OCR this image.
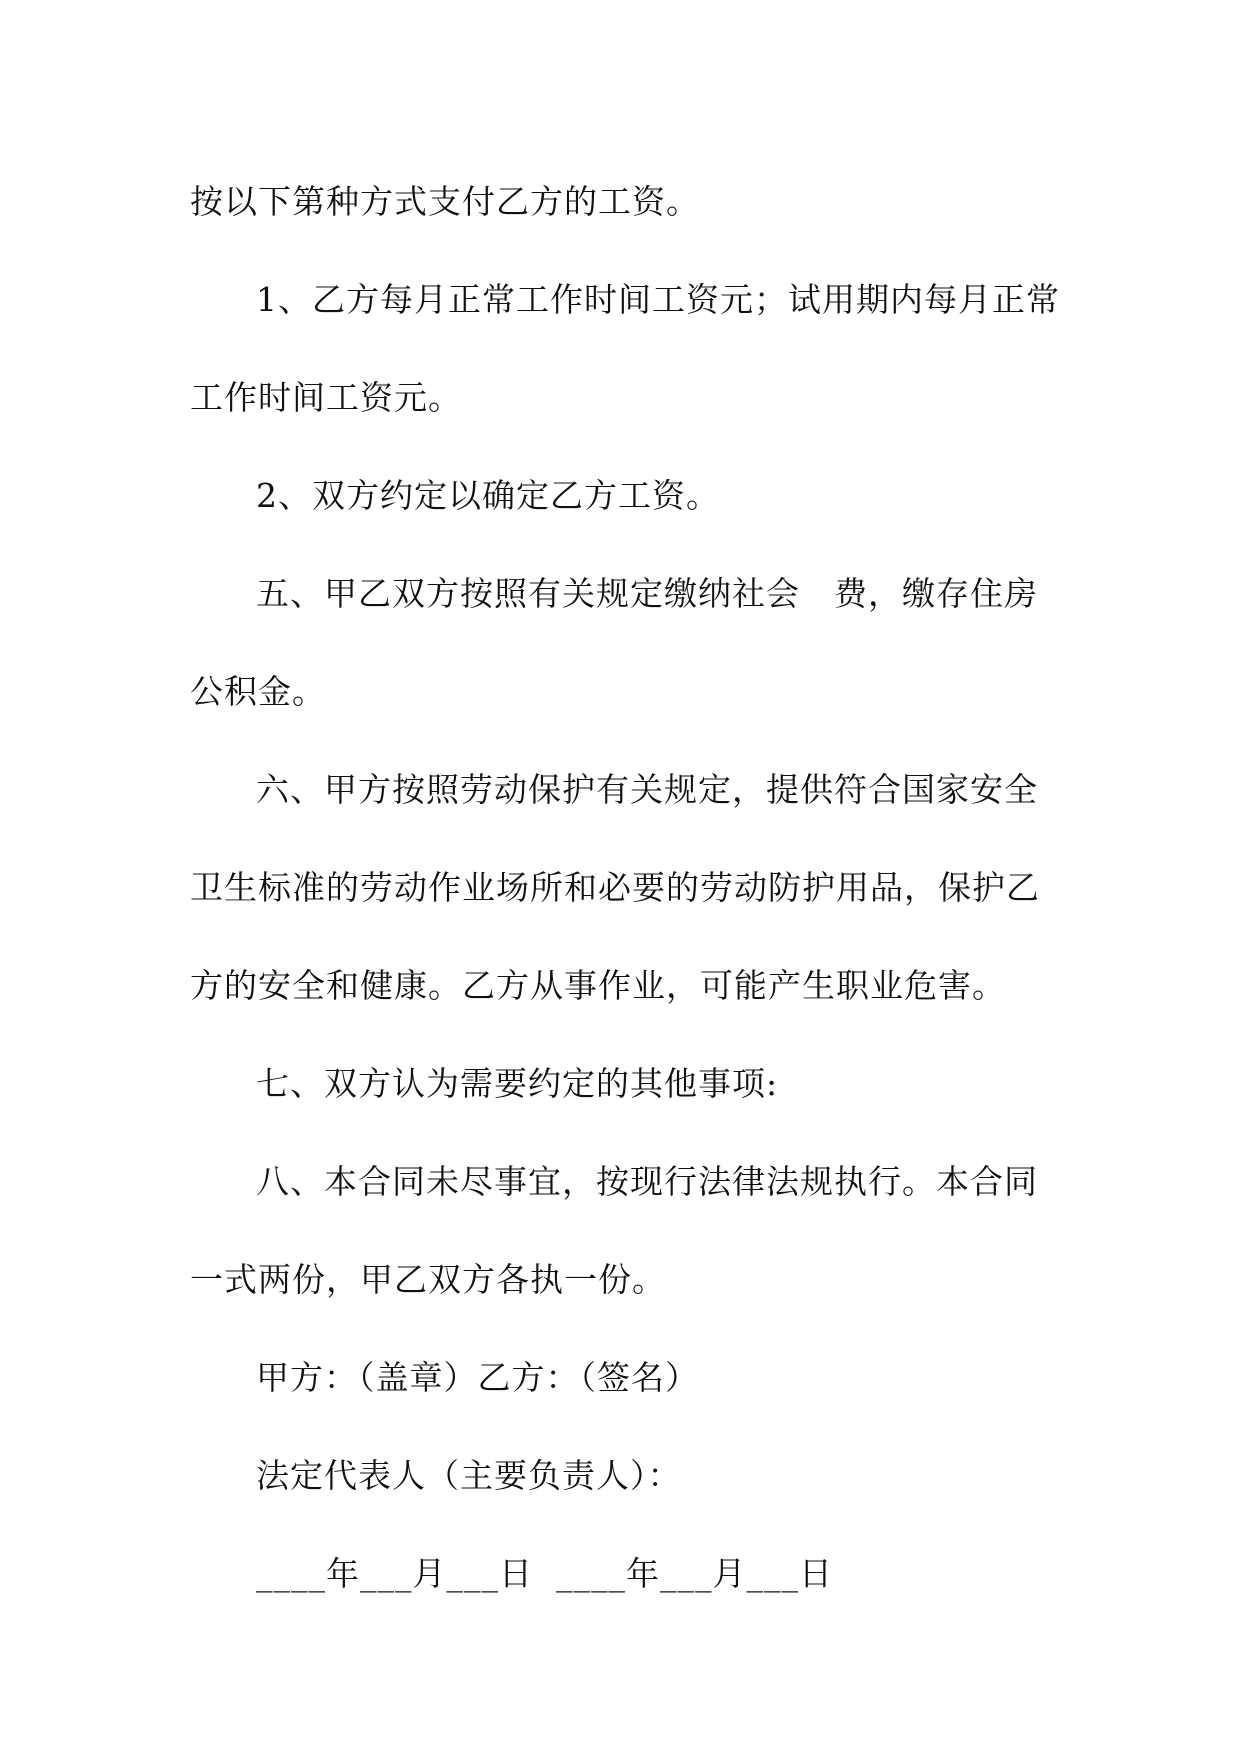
按以下第种方式支付乙方的工资。
1、乙方每月正常工作时间工资元；试用期内每月正常
工作时间工资元。
2、双方约定以确定乙方工资。
五、甲乙双方按照有关规定缴纳社会　费，缴存住房
公积金。
六、甲方按照劳动保护有关规定，提供符合国家安全
卫生标准的劳动作业场所和必要的劳动防护用品，保护乙
方的安全和健康。乙方从事作业，可能产生职业危害。
七、双方认为需要约定的其他事项:
八、本合同未尽事宜，按现行法律法规执行。本合同
一式两份，甲乙双方各执一份。
甲方：（盖章）乙方：（签名）
法定代表人（主要负责人）：
____年___月___日  ____年___月___日
